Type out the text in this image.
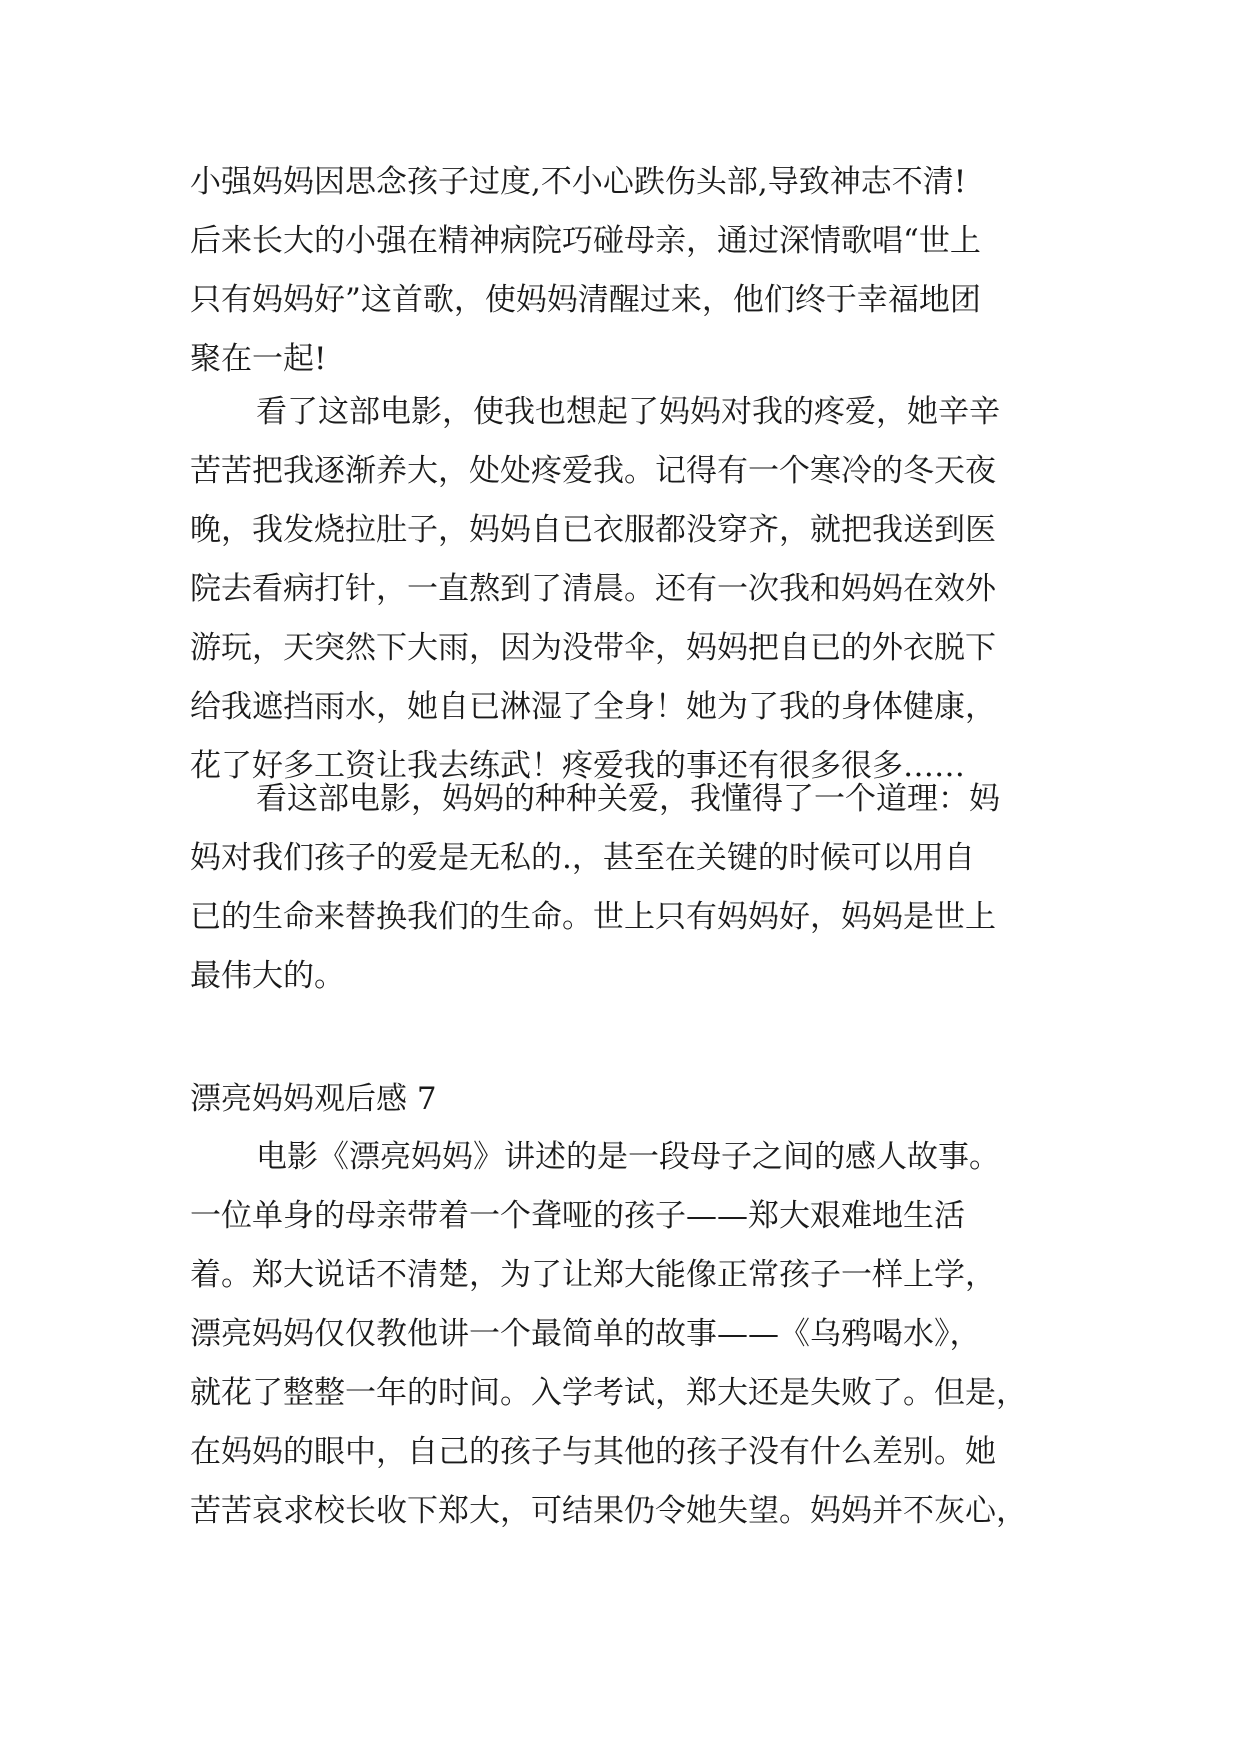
小强妈妈因思念孩子过度,不小心跌伤头部,导致神志不清!
后来长大的小强在精神病院巧碰母亲，通过深情歌唱“世上
只有妈妈好”这首歌，使妈妈清醒过来，他们终于幸福地团
聚在一起!
看了这部电影，使我也想起了妈妈对我的疼爱，她辛辛
苦苦把我逐渐养大，处处疼爱我。记得有一个寒冷的冬天夜
晚，我发烧拉肚子，妈妈自已衣服都没穿齐，就把我送到医
院去看病打针，一直熬到了清晨。还有一次我和妈妈在效外
游玩，天突然下大雨，因为没带伞，妈妈把自已的外衣脱下
给我遮挡雨水，她自已淋湿了全身！她为了我的身体健康，
花了好多工资让我去练武！疼爱我的事还有很多很多……
看这部电影，妈妈的种种关爱，我懂得了一个道理：妈
妈对我们孩子的爱是无私的.，甚至在关键的时候可以用自
已的生命来替换我们的生命。世上只有妈妈好，妈妈是世上
最伟大的。
漂亮妈妈观后感 7
电影《漂亮妈妈》讲述的是一段母子之间的感人故事。
一位单身的母亲带着一个聋哑的孩子——郑大艰难地生活
着。郑大说话不清楚，为了让郑大能像正常孩子一样上学，
漂亮妈妈仅仅教他讲一个最简单的故事——《乌鸦喝水》，
就花了整整一年的时间。入学考试，郑大还是失败了。但是，
在妈妈的眼中，自己的孩子与其他的孩子没有什么差别。她
苦苦哀求校长收下郑大，可结果仍令她失望。妈妈并不灰心，
